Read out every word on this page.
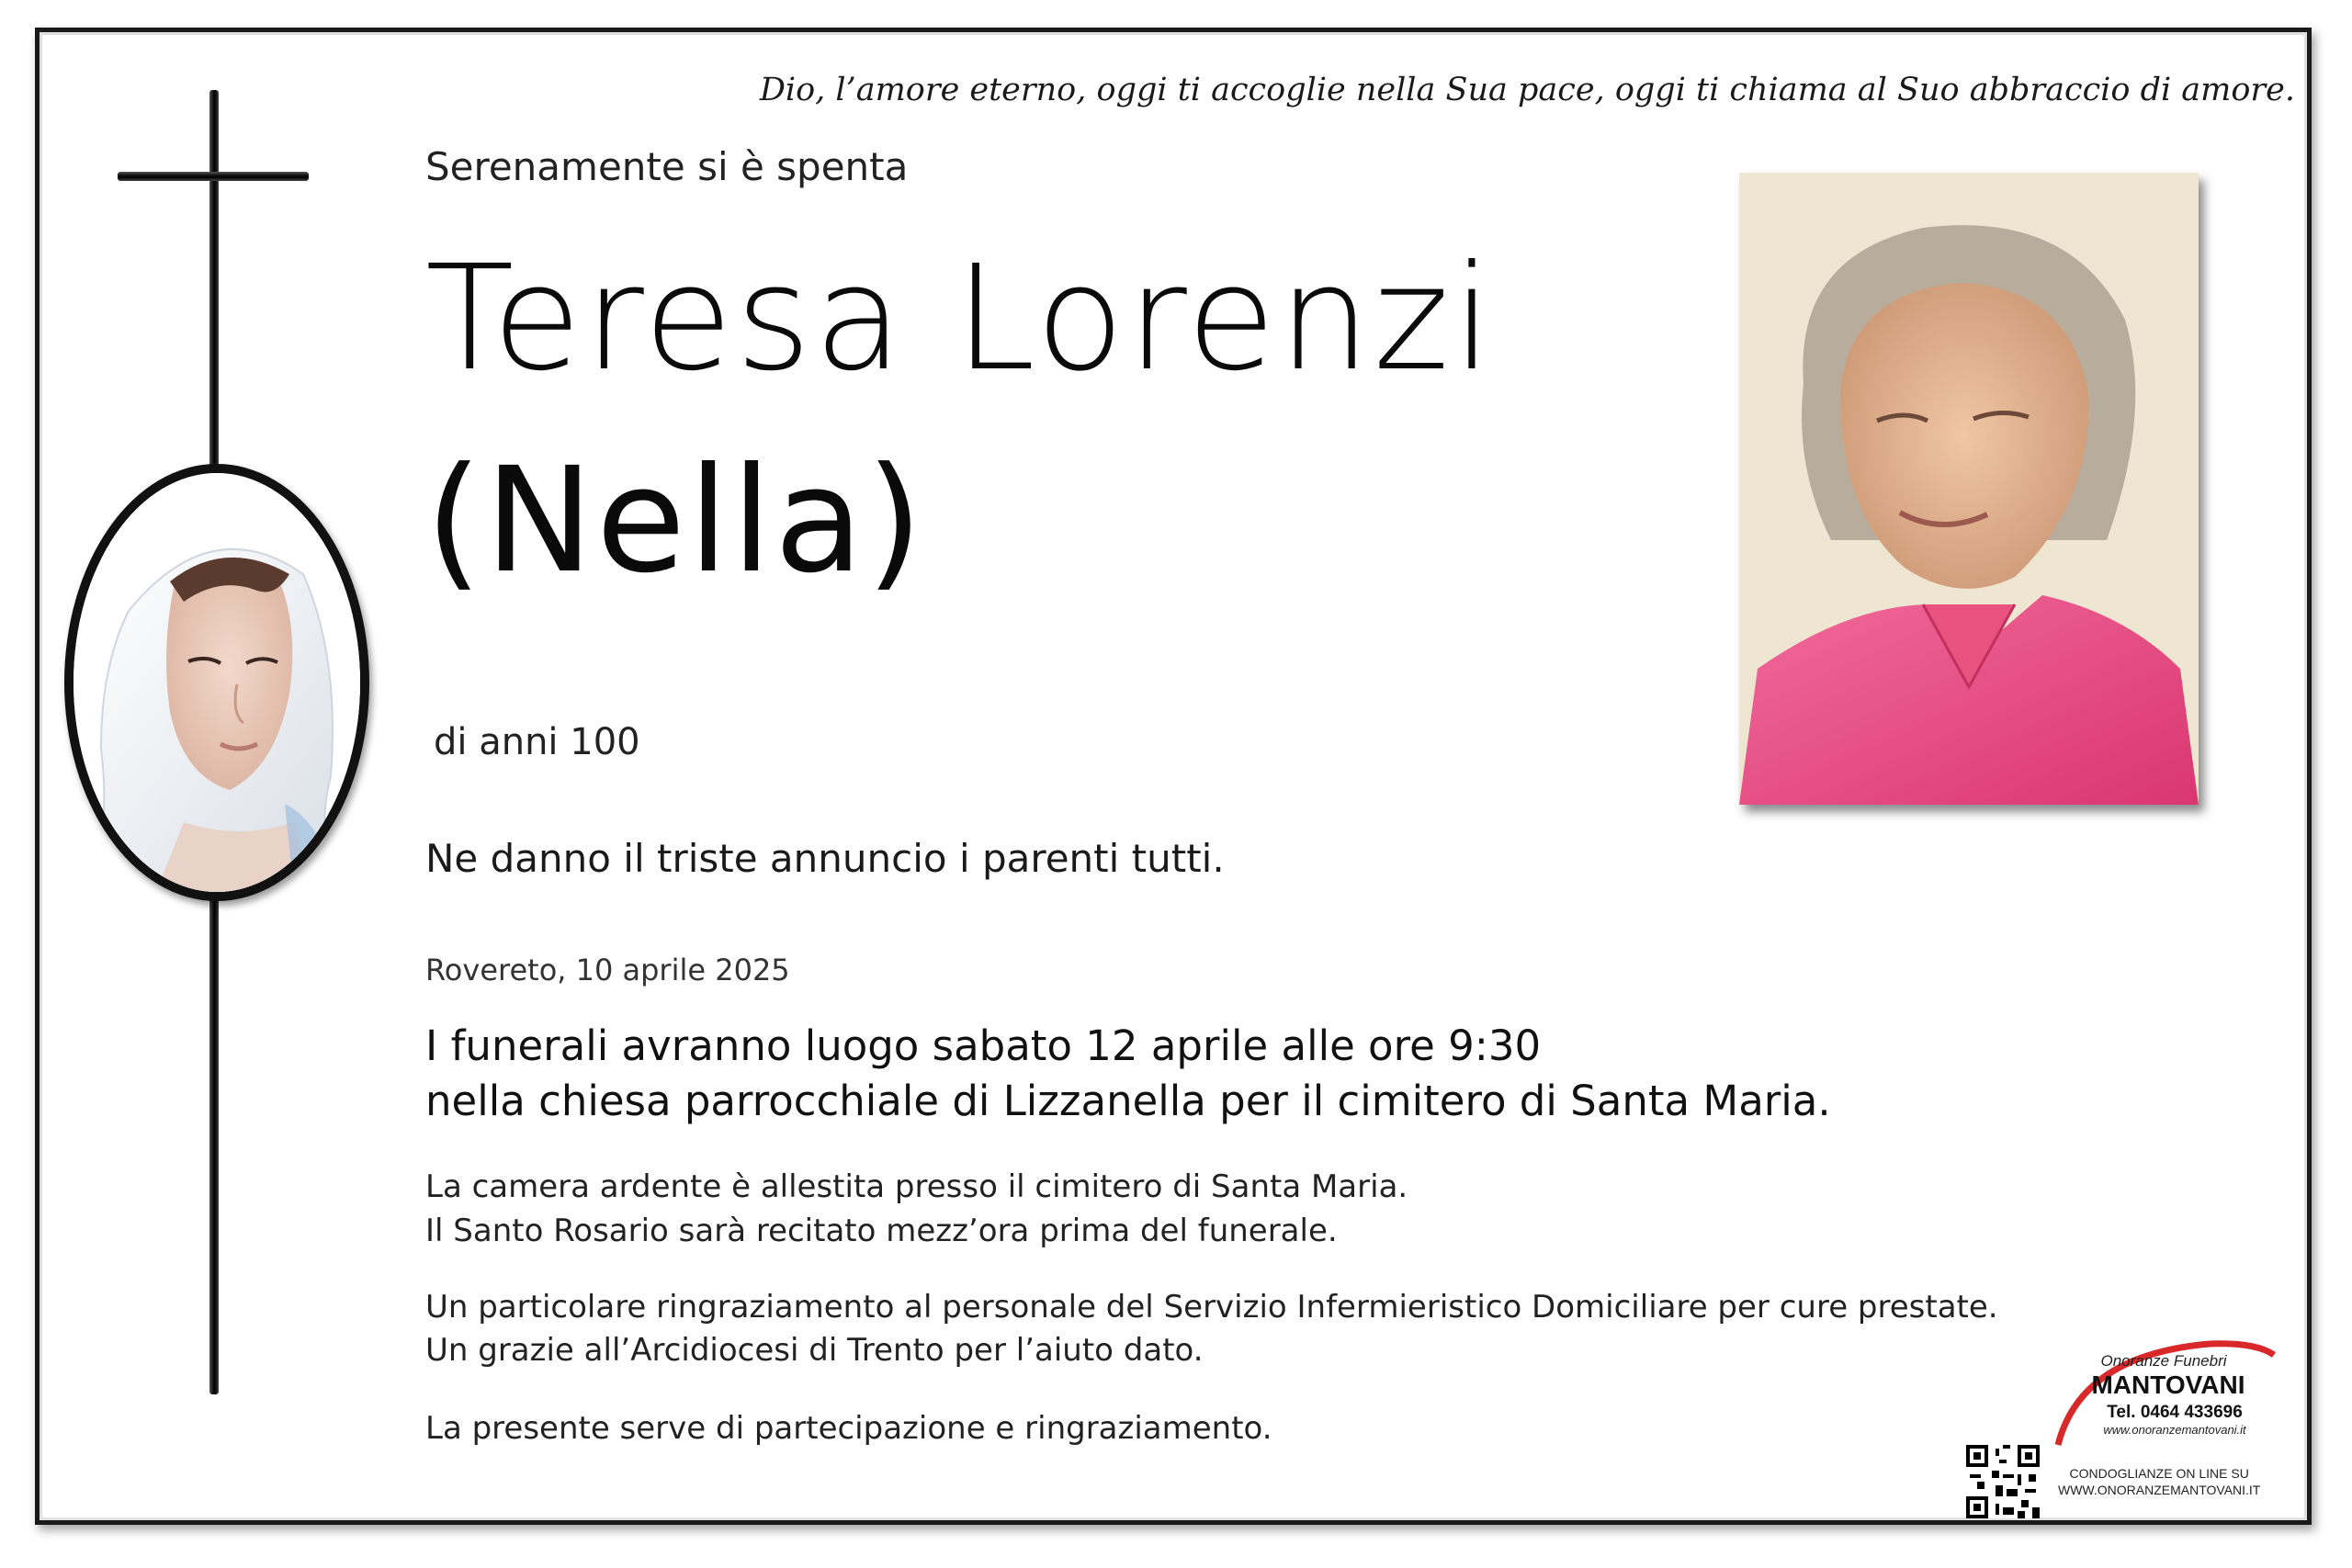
Dio, l’amore eterno, oggi ti accoglie nella Sua pace, oggi ti chiama al Suo abbraccio di amore.
Serenamente si è spenta
Teresa Lorenzi
(Nella)
di anni 100
Ne danno il triste annuncio i parenti tutti.
Rovereto, 10 aprile 2025
I funerali avranno luogo sabato 12 aprile alle ore 9:30
nella chiesa parrocchiale di Lizzanella per il cimitero di Santa Maria.
La camera ardente è allestita presso il cimitero di Santa Maria.
Il Santo Rosario sarà recitato mezz’ora prima del funerale.
Un particolare ringraziamento al personale del Servizio Infermieristico Domiciliare per cure prestate.
Un grazie all’Arcidiocesi di Trento per l’aiuto dato.
La presente serve di partecipazione e ringraziamento.
Onoranze Funebri
MANTOVANI
Tel. 0464 433696
www.onoranzemantovani.it
CONDOGLIANZE ON LINE SU
WWW.ONORANZEMANTOVANI.IT
